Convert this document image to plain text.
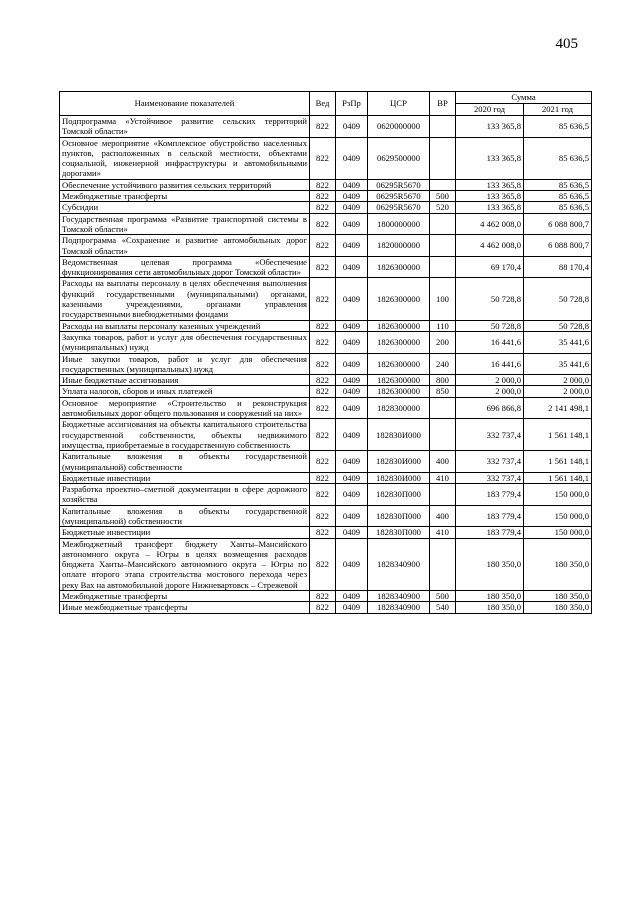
405
Наименование показателей	Вед	РзПр	ЦСР	ВР	Сумма	
					2020 год	2021 год
Подпрограмма «Устойчивое развитие сельских территорий Томской области»	822	0409	0620000000		133 365,8	85 636,5
Основное мероприятие «Комплексное обустройство населенных пунктов, расположенных в сельской местности, объектами социальной, инженерной инфраструктуры и автомобильными дорогами»	822	0409	0629500000		133 365,8	85 636,5
Обеспечение устойчивого развития сельских территорий	822	0409	06295R5670		133 365,8	85 636,5
Межбюджетные трансферты	822	0409	06295R5670	500	133 365,8	85 636,5
Субсидии	822	0409	06295R5670	520	133 365,8	85 636,5
Государственная программа «Развитие транспортной системы в Томской области»	822	0409	1800000000		4 462 008,0	6 088 800,7
Подпрограмма «Сохранение и развитие автомобильных дорог Томской области»	822	0409	1820000000		4 462 008,0	6 088 800,7
Ведомственная целевая программа «Обеспечение функционирования сети автомобильных дорог Томской области»	822	0409	1826300000		69 170,4	88 170,4
Расходы на выплаты персоналу в целях обеспечения выполнения функций государственными (муниципальными) органами, казенными учреждениями, органами управления государственными внебюджетными фондами	822	0409	1826300000	100	50 728,8	50 728,8
Расходы на выплаты персоналу казенных учреждений	822	0409	1826300000	110	50 728,8	50 728,8
Закупка товаров, работ и услуг для обеспечения государственных (муниципальных) нужд	822	0409	1826300000	200	16 441,6	35 441,6
Иные закупки товаров, работ и услуг для обеспечения государственных (муниципальных) нужд	822	0409	1826300000	240	16 441,6	35 441,6
Иные бюджетные ассигнования	822	0409	1826300000	800	2 000,0	2 000,0
Уплата налогов, сборов и иных платежей	822	0409	1826300000	850	2 000,0	2 000,0
Основное мероприятие «Строительство и реконструкция автомобильных дорог общего пользования и сооружений на них»	822	0409	1828300000		696 866,8	2 141 498,1
Бюджетные ассигнования на объекты капитального строительства государственной собственности, объекты недвижимого имущества, приобретаемые в государственную собственность	822	0409	182830И000		332 737,4	1 561 148,1
Капитальные вложения в объекты государственной (муниципальной) собственности	822	0409	182830И000	400	332 737,4	1 561 148,1
Бюджетные инвестиции	822	0409	182830И000	410	332 737,4	1 561 148,1
Разработка проектно–сметной документации в сфере дорожного хозяйства	822	0409	182830П000		183 779,4	150 000,0
Капитальные вложения в объекты государственной (муниципальной) собственности	822	0409	182830П000	400	183 779,4	150 000,0
Бюджетные инвестиции	822	0409	182830П000	410	183 779,4	150 000,0
Межбюджетный трансферт бюджету Ханты–Мансийского автономного округа – Югры в целях возмещения расходов бюджета Ханты–Мансийского автономного округа – Югры по оплате второго этапа строительства мостового перехода через реку Вах на автомобильной дороге Нижневартовск – Стрежевой	822	0409	1828340900		180 350,0	180 350,0
Межбюджетные трансферты	822	0409	1828340900	500	180 350,0	180 350,0
Иные межбюджетные трансферты	822	0409	1828340900	540	180 350,0	180 350,0
